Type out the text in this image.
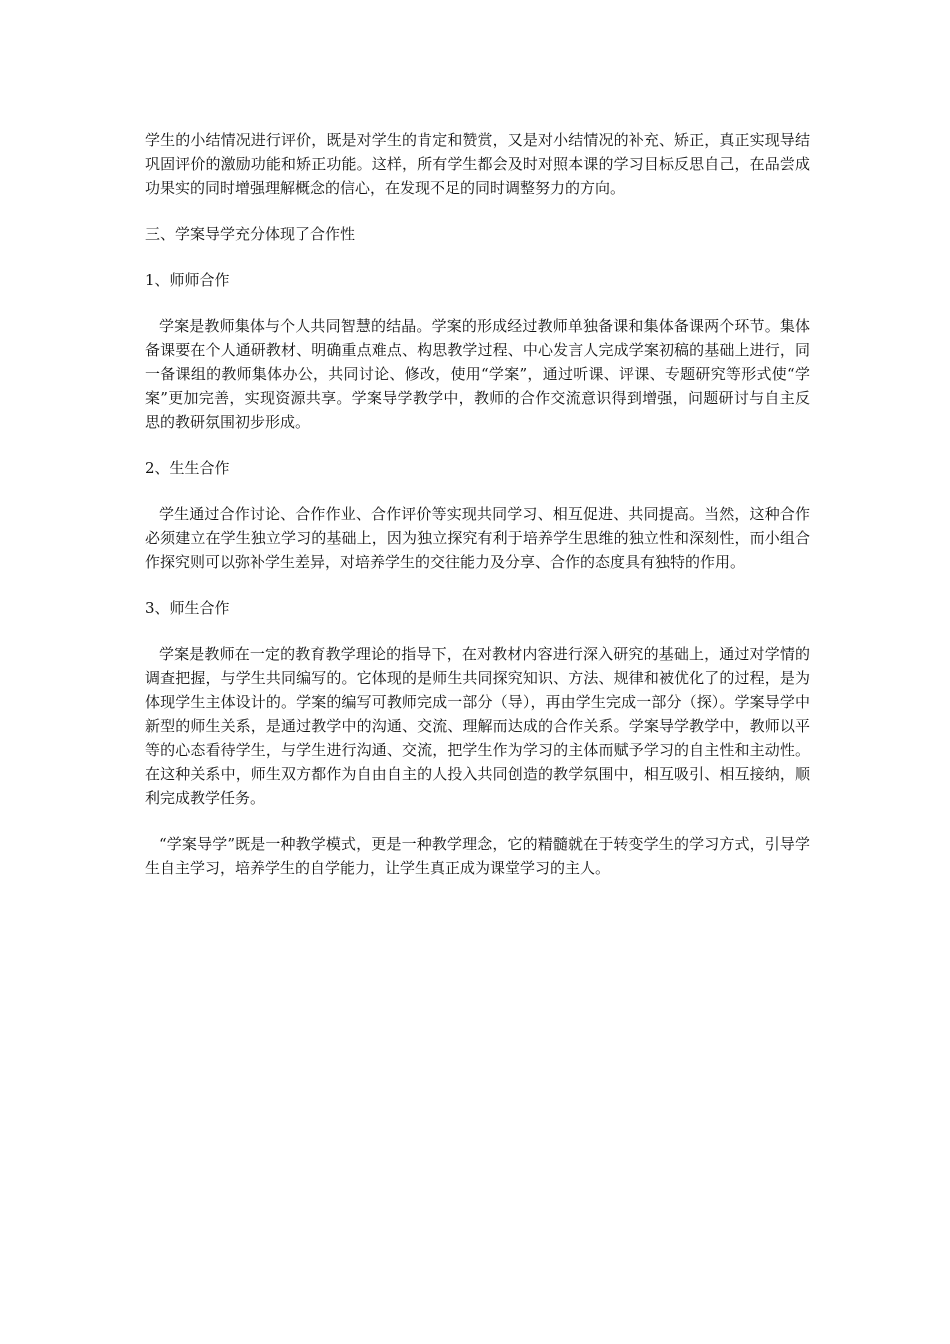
学生的小结情况进行评价，既是对学生的肯定和赞赏，又是对小结情况的补充、矫正，真正实现导结巩固评价的激励功能和矫正功能。这样，所有学生都会及时对照本课的学习目标反思自己，在品尝成功果实的同时增强理解概念的信心，在发现不足的同时调整努力的方向。

三、学案导学充分体现了合作性

1、师师合作

学案是教师集体与个人共同智慧的结晶。学案的形成经过教师单独备课和集体备课两个环节。集体备课要在个人通研教材、明确重点难点、构思教学过程、中心发言人完成学案初稿的基础上进行，同一备课组的教师集体办公，共同讨论、修改，使用“学案”，通过听课、评课、专题研究等形式使“学案”更加完善，实现资源共享。学案导学教学中，教师的合作交流意识得到增强，问题研讨与自主反思的教研氛围初步形成。

2、生生合作

学生通过合作讨论、合作作业、合作评价等实现共同学习、相互促进、共同提高。当然，这种合作必须建立在学生独立学习的基础上，因为独立探究有利于培养学生思维的独立性和深刻性，而小组合作探究则可以弥补学生差异，对培养学生的交往能力及分享、合作的态度具有独特的作用。

3、师生合作

学案是教师在一定的教育教学理论的指导下，在对教材内容进行深入研究的基础上，通过对学情的调查把握，与学生共同编写的。它体现的是师生共同探究知识、方法、规律和被优化了的过程，是为体现学生主体设计的。学案的编写可教师完成一部分（导），再由学生完成一部分（探）。学案导学中新型的师生关系，是通过教学中的沟通、交流、理解而达成的合作关系。学案导学教学中，教师以平等的心态看待学生，与学生进行沟通、交流，把学生作为学习的主体而赋予学习的自主性和主动性。在这种关系中，师生双方都作为自由自主的人投入共同创造的教学氛围中，相互吸引、相互接纳，顺利完成教学任务。

“学案导学”既是一种教学模式，更是一种教学理念，它的精髓就在于转变学生的学习方式，引导学生自主学习，培养学生的自学能力，让学生真正成为课堂学习的主人。
